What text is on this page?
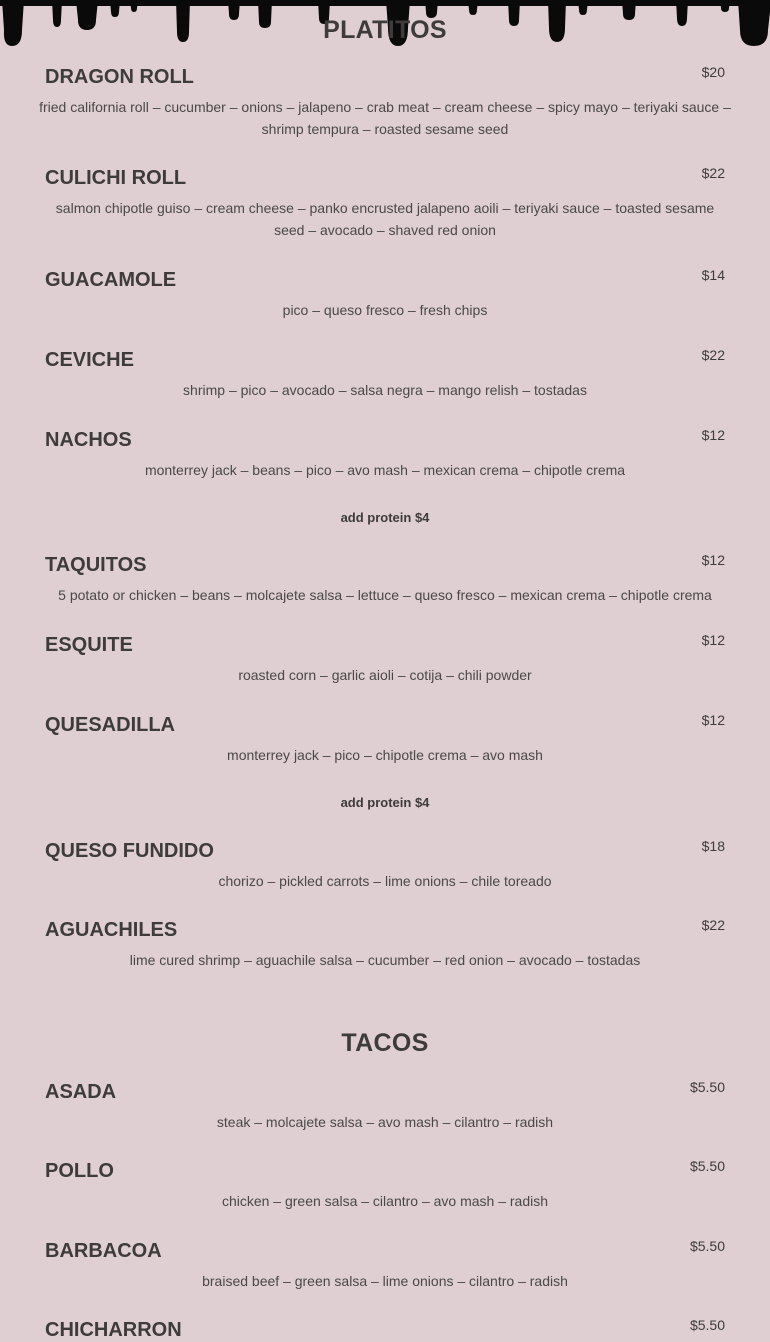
PLATITOS
DRAGON ROLL	$20
fried california roll – cucumber – onions – jalapeno – crab meat – cream cheese – spicy mayo – teriyaki sauce – shrimp tempura – roasted sesame seed
CULICHI ROLL	$22
salmon chipotle guiso – cream cheese – panko encrusted jalapeno aoili – teriyaki sauce – toasted sesame seed – avocado – shaved red onion
GUACAMOLE	$14
pico – queso fresco – fresh chips
CEVICHE	$22
shrimp – pico – avocado – salsa negra – mango relish – tostadas
NACHOS	$12
monterrey jack – beans – pico – avo mash – mexican crema – chipotle crema
add protein $4
TAQUITOS	$12
5 potato or chicken – beans – molcajete salsa – lettuce – queso fresco – mexican crema – chipotle crema
ESQUITE	$12
roasted corn – garlic aioli – cotija – chili powder
QUESADILLA	$12
monterrey jack – pico – chipotle crema – avo mash
add protein $4
QUESO FUNDIDO	$18
chorizo – pickled carrots – lime onions – chile toreado
AGUACHILES	$22
lime cured shrimp – aguachile salsa – cucumber – red onion – avocado – tostadas
TACOS
ASADA	$5.50
steak – molcajete salsa – avo mash – cilantro – radish
POLLO	$5.50
chicken – green salsa – cilantro – avo mash – radish
BARBACOA	$5.50
braised beef – green salsa – lime onions – cilantro – radish
CHICHARRON	$5.50
